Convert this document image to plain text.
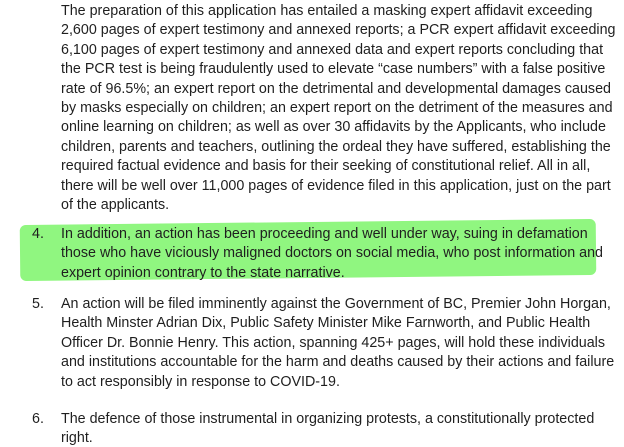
The preparation of this application has entailed a masking expert affidavit exceeding
2,600 pages of expert testimony and annexed reports; a PCR expert affidavit exceeding
6,100 pages of expert testimony and annexed data and expert reports concluding that
the PCR test is being fraudulently used to elevate “case numbers” with a false positive
rate of 96.5%; an expert report on the detrimental and developmental damages caused
by masks especially on children; an expert report on the detriment of the measures and
online learning on children; as well as over 30 affidavits by the Applicants, who include
children, parents and teachers, outlining the ordeal they have suffered, establishing the
required factual evidence and basis for their seeking of constitutional relief. All in all,
there will be well over 11,000 pages of evidence filed in this application, just on the part
of the applicants.
4. In addition, an action has been proceeding and well under way, suing in defamation
those who have viciously maligned doctors on social media, who post information and
expert opinion contrary to the state narrative.
5. An action will be filed imminently against the Government of BC, Premier John Horgan,
Health Minster Adrian Dix, Public Safety Minister Mike Farnworth, and Public Health
Officer Dr. Bonnie Henry. This action, spanning 425+ pages, will hold these individuals
and institutions accountable for the harm and deaths caused by their actions and failure
to act responsibly in response to COVID-19.
6. The defence of those instrumental in organizing protests, a constitutionally protected
right.
